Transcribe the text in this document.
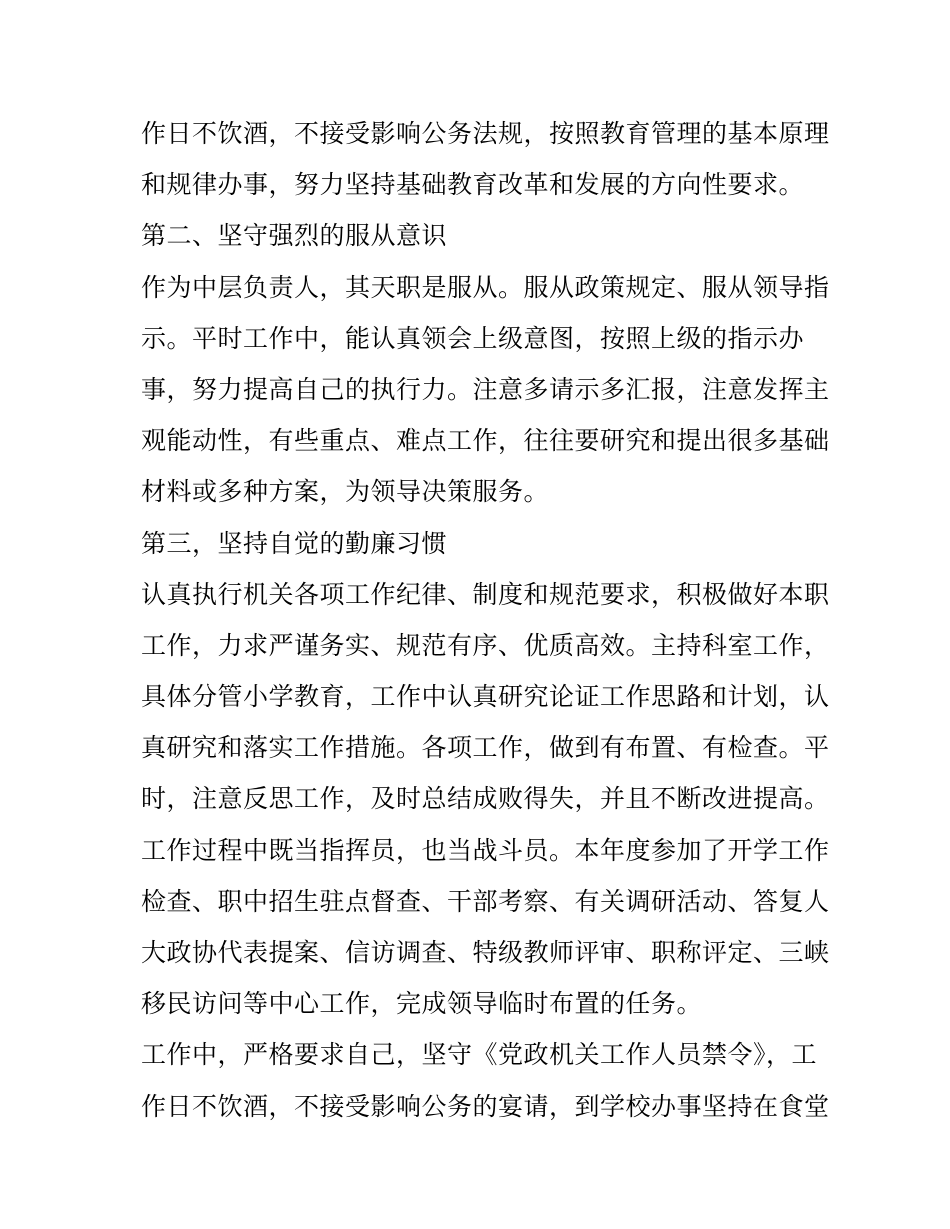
作日不饮酒，不接受影响公务法规，按照教育管理的基本原理
和规律办事，努力坚持基础教育改革和发展的方向性要求。
第二、坚守强烈的服从意识
作为中层负责人，其天职是服从。服从政策规定、服从领导指
示。平时工作中，能认真领会上级意图，按照上级的指示办
事，努力提高自己的执行力。注意多请示多汇报，注意发挥主
观能动性，有些重点、难点工作，往往要研究和提出很多基础
材料或多种方案，为领导决策服务。
第三，坚持自觉的勤廉习惯
认真执行机关各项工作纪律、制度和规范要求，积极做好本职
工作，力求严谨务实、规范有序、优质高效。主持科室工作，
具体分管小学教育，工作中认真研究论证工作思路和计划，认
真研究和落实工作措施。各项工作，做到有布置、有检查。平
时，注意反思工作，及时总结成败得失，并且不断改进提高。
工作过程中既当指挥员，也当战斗员。本年度参加了开学工作
检查、职中招生驻点督查、干部考察、有关调研活动、答复人
大政协代表提案、信访调查、特级教师评审、职称评定、三峡
移民访问等中心工作，完成领导临时布置的任务。
工作中，严格要求自己，坚守《党政机关工作人员禁令》，工
作日不饮酒，不接受影响公务的宴请，到学校办事坚持在食堂
